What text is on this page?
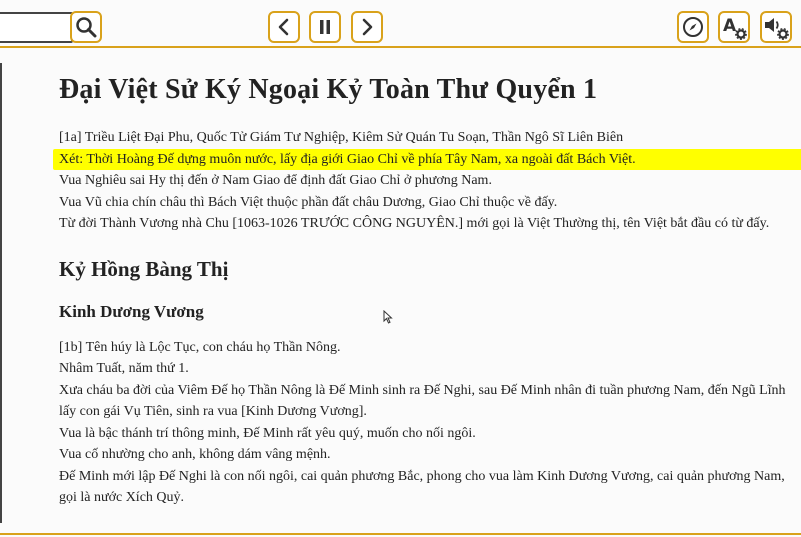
A
Đại Việt Sử Ký Ngoại Kỷ Toàn Thư Quyển 1
[1a] Triều Liệt Đại Phu, Quốc Tử Giám Tư Nghiệp, Kiêm Sử Quán Tu Soạn, Thần Ngô Sĩ Liên Biên
Xét: Thời Hoàng Đế dựng muôn nước, lấy địa giới Giao Chỉ về phía Tây Nam, xa ngoài đất Bách Việt.
Vua Nghiêu sai Hy thị đến ở Nam Giao để định đất Giao Chỉ ở phương Nam.
Vua Vũ chia chín châu thì Bách Việt thuộc phần đất châu Dương, Giao Chỉ thuộc về đấy.
Từ đời Thành Vương nhà Chu [1063-1026 TRƯỚC CÔNG NGUYÊN.] mới gọi là Việt Thường thị, tên Việt bắt đầu có từ đấy.
Kỷ Hồng Bàng Thị
Kinh Dương Vương
[1b] Tên húy là Lộc Tục, con cháu họ Thần Nông.
Nhâm Tuất, năm thứ 1.
Xưa cháu ba đời của Viêm Đế họ Thần Nông là Đế Minh sinh ra Đế Nghi, sau Đế Minh nhân đi tuần phương Nam, đến Ngũ Lĩnh lấy con gái Vụ Tiên, sinh ra vua [Kinh Dương Vương].
Vua là bậc thánh trí thông minh, Đế Minh rất yêu quý, muốn cho nối ngôi.
Vua cố nhường cho anh, không dám vâng mệnh.
Đế Minh mới lập Đế Nghi là con nối ngôi, cai quản phương Bắc, phong cho vua làm Kinh Dương Vương, cai quản phương Nam, gọi là nước Xích Quỷ.
